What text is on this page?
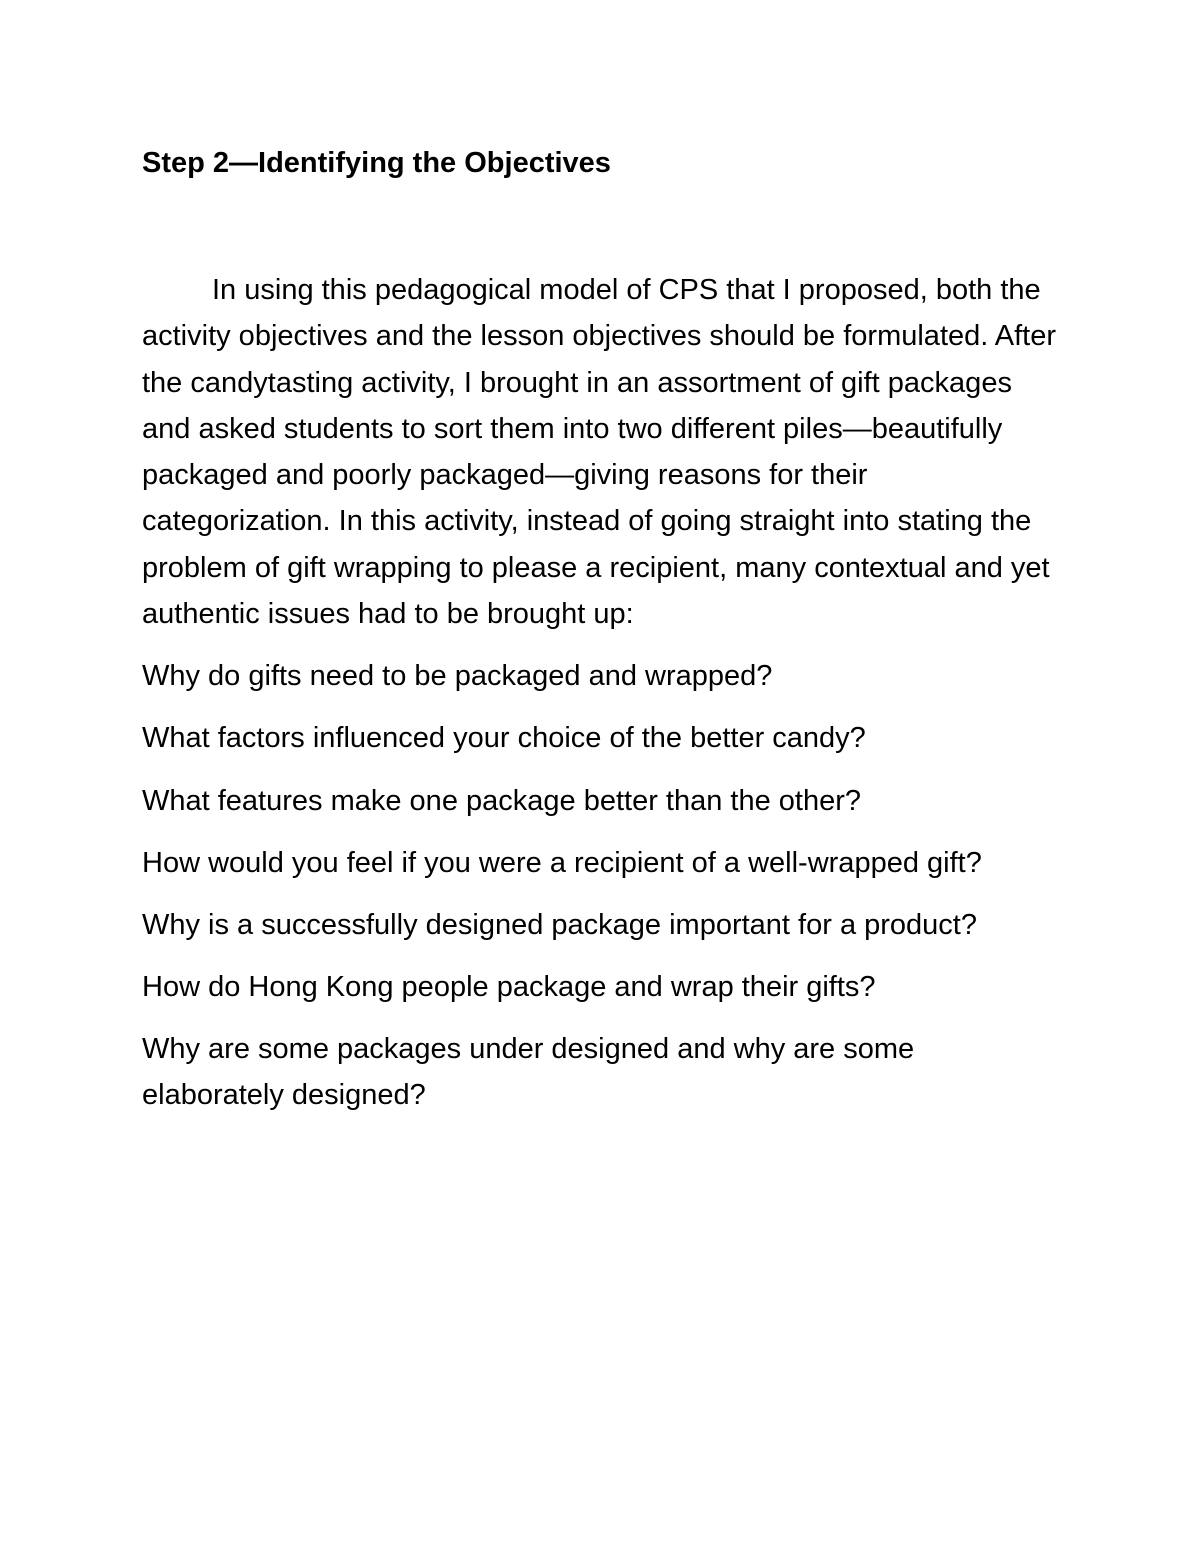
Step 2—Identifying the Objectives

In using this pedagogical model of CPS that I proposed, both the activity objectives and the lesson objectives should be formulated. After the candytasting activity, I brought in an assortment of gift packages and asked students to sort them into two different piles—beautifully packaged and poorly packaged—giving reasons for their categorization. In this activity, instead of going straight into stating the problem of gift wrapping to please a recipient, many contextual and yet authentic issues had to be brought up:

Why do gifts need to be packaged and wrapped?
What factors influenced your choice of the better candy?
What features make one package better than the other?
How would you feel if you were a recipient of a well-wrapped gift?
Why is a successfully designed package important for a product?
How do Hong Kong people package and wrap their gifts?
Why are some packages under designed and why are some elaborately designed?
